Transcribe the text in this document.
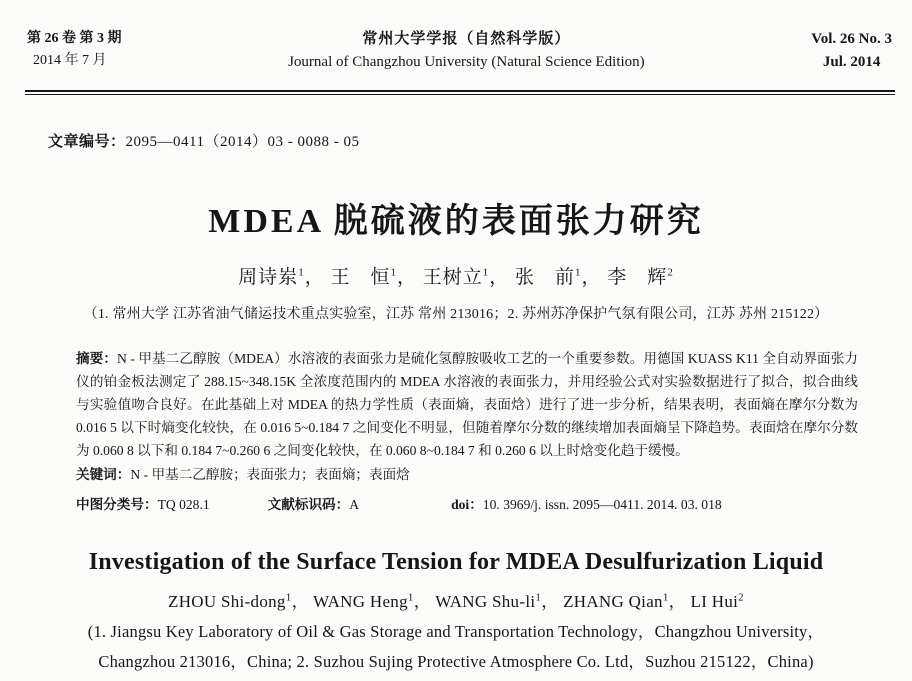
第 26 卷 第 3 期
2014 年 7 月
常州大学学报（自然科学版）
Journal of Changzhou University (Natural Science Edition)
Vol. 26 No. 3
Jul. 2014
文章编号：2095—0411（2014）03 - 0088 - 05
MDEA 脱硫液的表面张力研究
周诗岽$^1$， 王　恒$^1$， 王树立$^1$， 张　前$^1$， 李　辉$^2$
（1. 常州大学 江苏省油气储运技术重点实验室，江苏 常州 213016；2. 苏州苏净保护气氛有限公司，江苏 苏州 215122）

摘要：N - 甲基二乙醇胺（MDEA）水溶液的表面张力是硫化氢醇胺吸收工艺的一个重要参数。用德国 KUASS K11 全自动界面张力仪的铂金板法测定了 288.15~348.15K 全浓度范围内的 MDEA 水溶液的表面张力，并用经验公式对实验数据进行了拟合，拟合曲线与实验值吻合良好。在此基础上对 MDEA 的热力学性质（表面熵，表面焓）进行了进一步分析，结果表明，表面熵在摩尔分数为 0.016 5 以下时熵变化较快，在 0.016 5~0.184 7 之间变化不明显，但随着摩尔分数的继续增加表面熵呈下降趋势。表面焓在摩尔分数为 0.060 8 以下和 0.184 7~0.260 6 之间变化较快，在 0.060 8~0.184 7 和 0.260 6 以上时焓变化趋于缓慢。

关键词：N - 甲基二乙醇胺；表面张力；表面熵；表面焓

中图分类号：TQ 028.1	文献标识码：A	doi：10. 3969/j. issn. 2095—0411. 2014. 03. 018
Investigation of the Surface Tension for MDEA Desulfurization Liquid
ZHOU Shi-dong$^1$， WANG Heng$^1$， WANG Shu-$li^1$， ZHANG Qian$^1$， LI Hui$^2$
(1. Jiangsu Key Laboratory of Oil & Gas Storage and Transportation Technology，Changzhou University，
Changzhou 213016，China; 2. Suzhou Sujing Protective Atmosphere Co. Ltd，Suzhou 215122，China)
